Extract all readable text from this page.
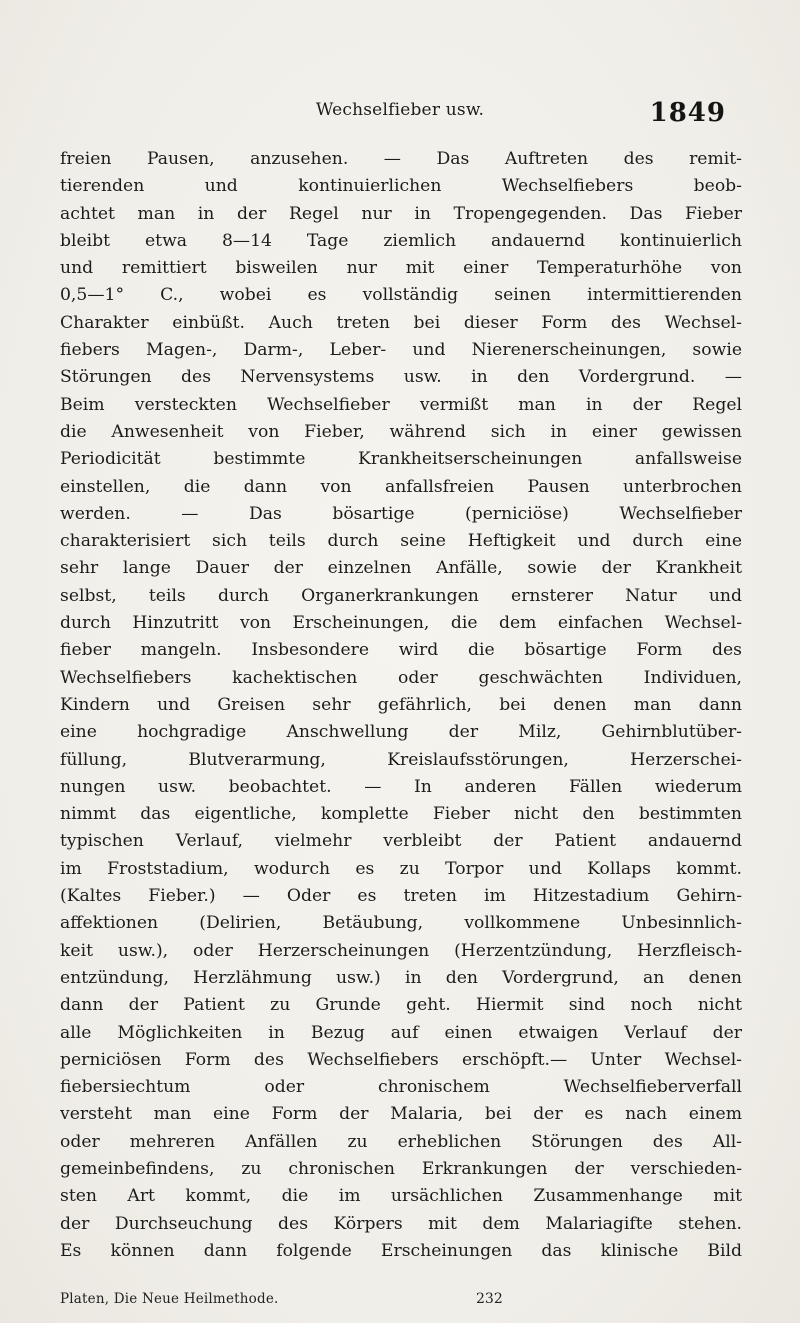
Wechselfieber usw.	1849
freien Pausen, anzusehen. — Das Auftreten des remit-
tierenden und kontinuierlichen Wechselfiebers beob-
achtet man in der Regel nur in Tropengegenden. Das Fieber
bleibt etwa 8—14 Tage ziemlich andauernd kontinuierlich
und remittiert bisweilen nur mit einer Temperaturhöhe von
0,5—1° C., wobei es vollständig seinen intermittierenden
Charakter einbüßt. Auch treten bei dieser Form des Wechsel-
fiebers Magen-, Darm-, Leber- und Nierenerscheinungen, sowie
Störungen des Nervensystems usw. in den Vordergrund. —
Beim versteckten Wechselfieber vermißt man in der Regel
die Anwesenheit von Fieber, während sich in einer gewissen
Periodicität bestimmte Krankheitserscheinungen anfallsweise
einstellen, die dann von anfallsfreien Pausen unterbrochen
werden. — Das bösartige (perniciöse) Wechselfieber
charakterisiert sich teils durch seine Heftigkeit und durch eine
sehr lange Dauer der einzelnen Anfälle, sowie der Krankheit
selbst, teils durch Organerkrankungen ernsterer Natur und
durch Hinzutritt von Erscheinungen, die dem einfachen Wechsel-
fieber mangeln. Insbesondere wird die bösartige Form des
Wechselfiebers kachektischen oder geschwächten Individuen,
Kindern und Greisen sehr gefährlich, bei denen man dann
eine hochgradige Anschwellung der Milz, Gehirnblutüber-
füllung, Blutverarmung, Kreislaufsstörungen, Herzerschei-
nungen usw. beobachtet. — In anderen Fällen wiederum
nimmt das eigentliche, komplette Fieber nicht den bestimmten
typischen Verlauf, vielmehr verbleibt der Patient andauernd
im Froststadium, wodurch es zu Torpor und Kollaps kommt.
(Kaltes Fieber.) — Oder es treten im Hitzestadium Gehirn-
affektionen (Delirien, Betäubung, vollkommene Unbesinnlich-
keit usw.), oder Herzerscheinungen (Herzentzündung, Herzfleisch-
entzündung, Herzlähmung usw.) in den Vordergrund, an denen
dann der Patient zu Grunde geht. Hiermit sind noch nicht
alle Möglichkeiten in Bezug auf einen etwaigen Verlauf der
perniciösen Form des Wechselfiebers erschöpft.— Unter Wechsel-
fiebersiechtum oder chronischem Wechselfieberverfall
versteht man eine Form der Malaria, bei der es nach einem
oder mehreren Anfällen zu erheblichen Störungen des All-
gemeinbefindens, zu chronischen Erkrankungen der verschieden-
sten Art kommt, die im ursächlichen Zusammenhange mit
der Durchseuchung des Körpers mit dem Malariagifte stehen.
Es können dann folgende Erscheinungen das klinische Bild
Platen, Die Neue Heilmethode.	232
